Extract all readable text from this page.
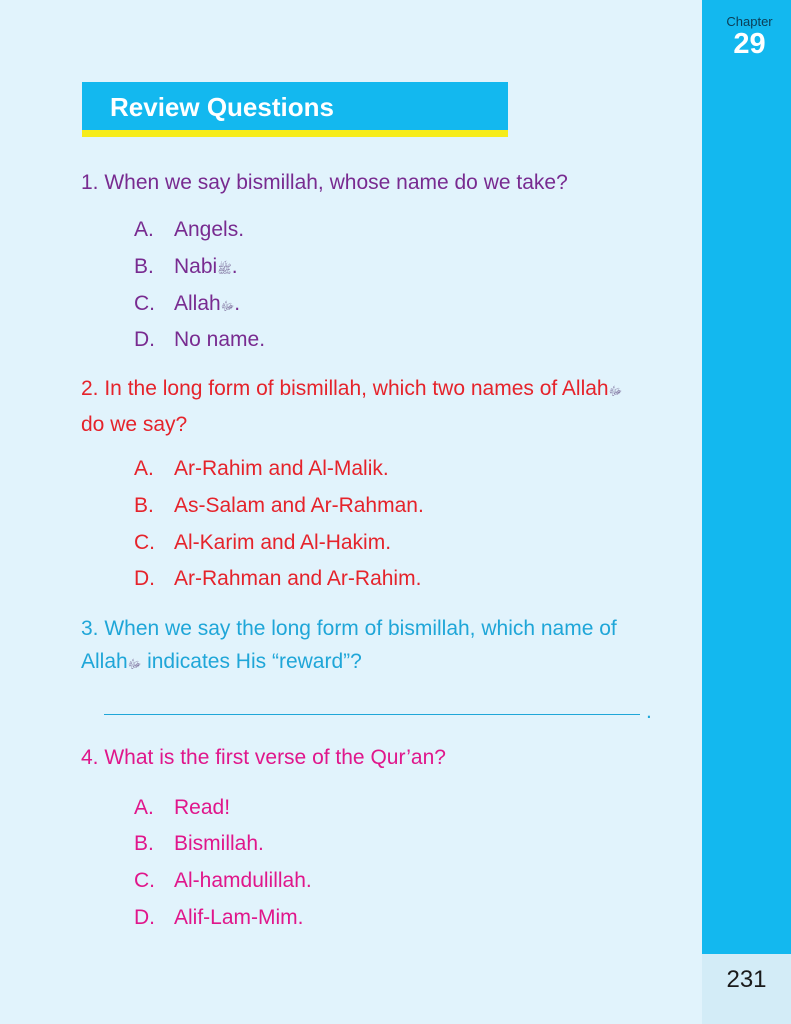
Chapter
29
231
Review Questions
1. When we say bismillah, whose name do we take?
A. Angels.
B. Nabiﷺ.
C. Allahﷻ.
D. No name.
2. In the long form of bismillah, which two names of Allahﷻ
do we say?
A. Ar-Rahim and Al-Malik.
B. As-Salam and Ar-Rahman.
C. Al-Karim and Al-Hakim.
D. Ar-Rahman and Ar-Rahim.
3. When we say the long form of bismillah, which name of
Allahﷻ indicates His “reward”?
.
4. What is the first verse of the Qur’an?
A. Read!
B. Bismillah.
C. Al-hamdulillah.
D. Alif-Lam-Mim.
